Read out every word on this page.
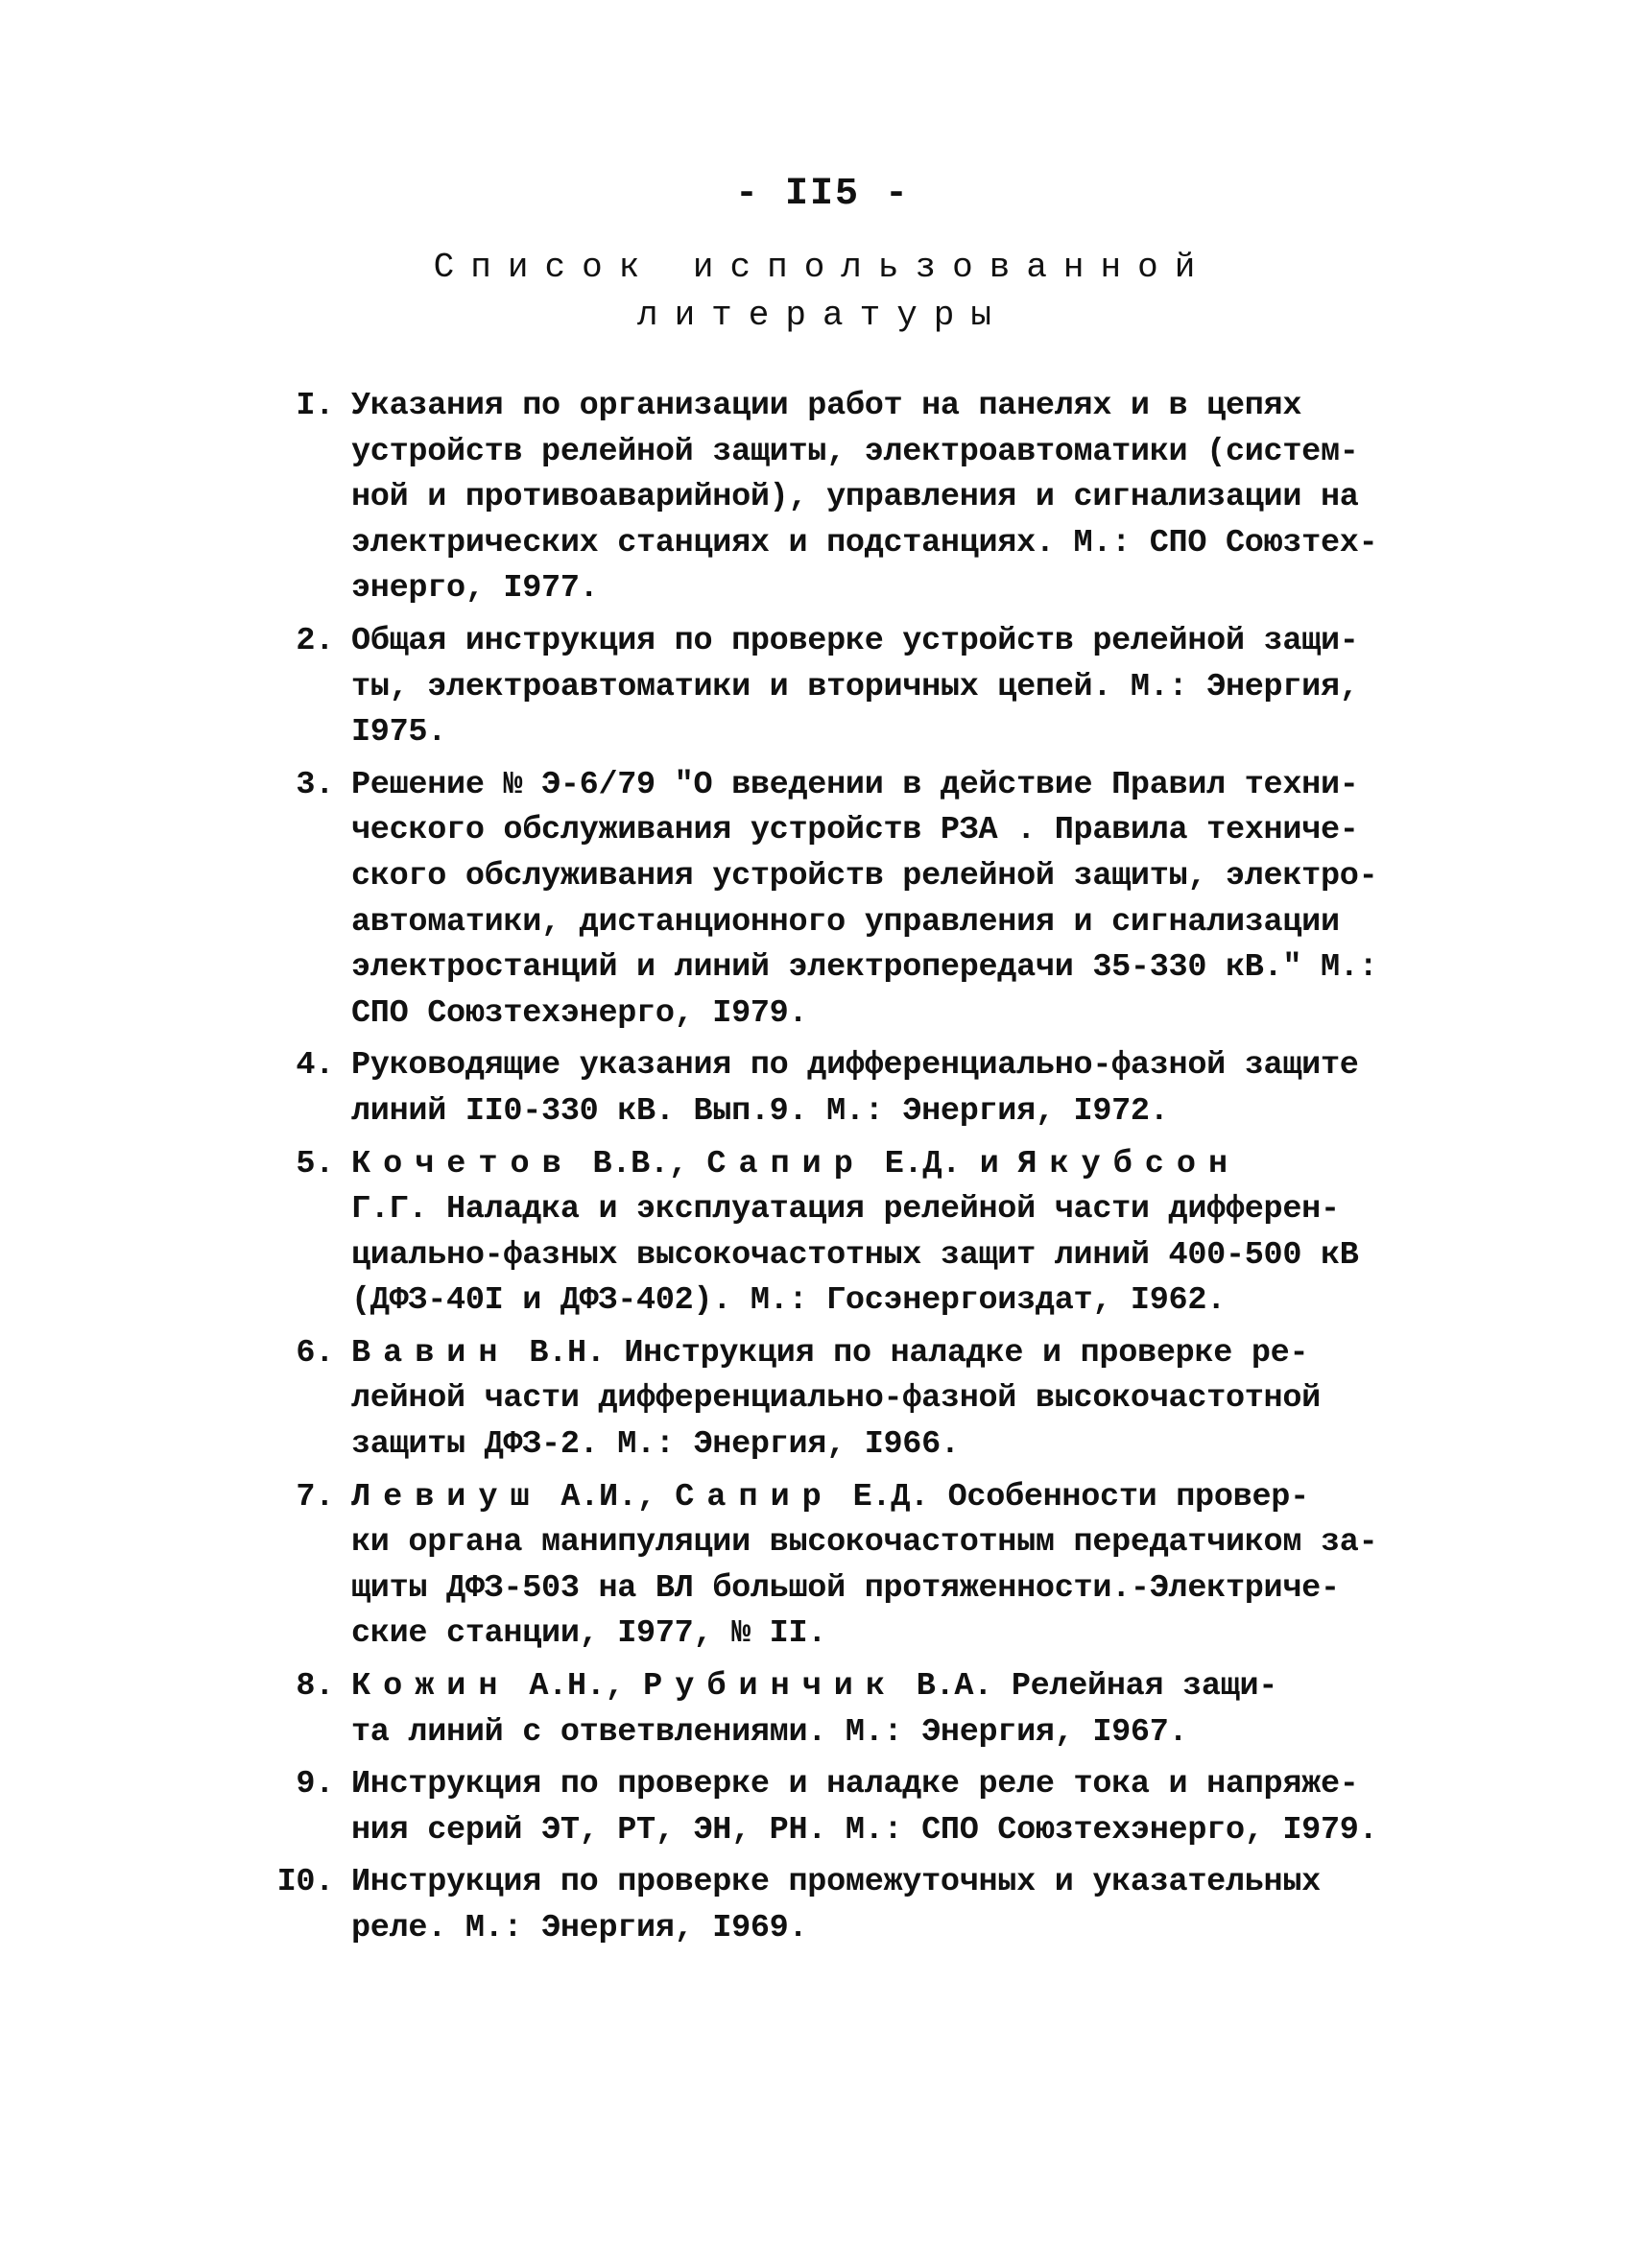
- II5 -
Список использованной
литературы
I. Указания по организации работ на панелях и в цепях
устройств релейной защиты, электроавтоматики (систем-
ной и противоаварийной), управления и сигнализации на
электрических станциях и подстанциях. М.: СПО Союзтех-
энерго, I977.
2. Общая инструкция по проверке устройств релейной защи-
ты, электроавтоматики и вторичных цепей. М.: Энергия,
I975.
3. Решение № Э-6/79 "О введении в действие Правил техни-
ческого обслуживания устройств РЗА . Правила техниче-
ского обслуживания устройств релейной защиты, электро-
автоматики, дистанционного управления и сигнализации
электростанций и линий электропередачи 35-330 кВ." М.:
СПО Союзтехэнерго, I979.
4. Руководящие указания по дифференциально-фазной защите
линий II0-330 кВ. Вып.9. М.: Энергия, I972.
5. Кочетов В.В., Сапир Е.Д. и Якубсон
Г.Г. Наладка и эксплуатация релейной части дифферен-
циально-фазных высокочастотных защит линий 400-500 кВ
(ДФЗ-40I и ДФЗ-402). М.: Госэнергоиздат, I962.
6. Вавин В.Н. Инструкция по наладке и проверке ре-
лейной части дифференциально-фазной высокочастотной
защиты ДФЗ-2. М.: Энергия, I966.
7. Левиуш А.И., Сапир Е.Д. Особенности провер-
ки органа манипуляции высокочастотным передатчиком за-
щиты ДФЗ-503 на ВЛ большой протяженности.-Электриче-
ские станции, I977, № II.
8. Кожин А.Н., Рубинчик В.А. Релейная защи-
та линий с ответвлениями. М.: Энергия, I967.
9. Инструкция по проверке и наладке реле тока и напряже-
ния серий ЭТ, РТ, ЭН, РН. М.: СПО Союзтехэнерго, I979.
I0. Инструкция по проверке промежуточных и указательных
реле. М.: Энергия, I969.
